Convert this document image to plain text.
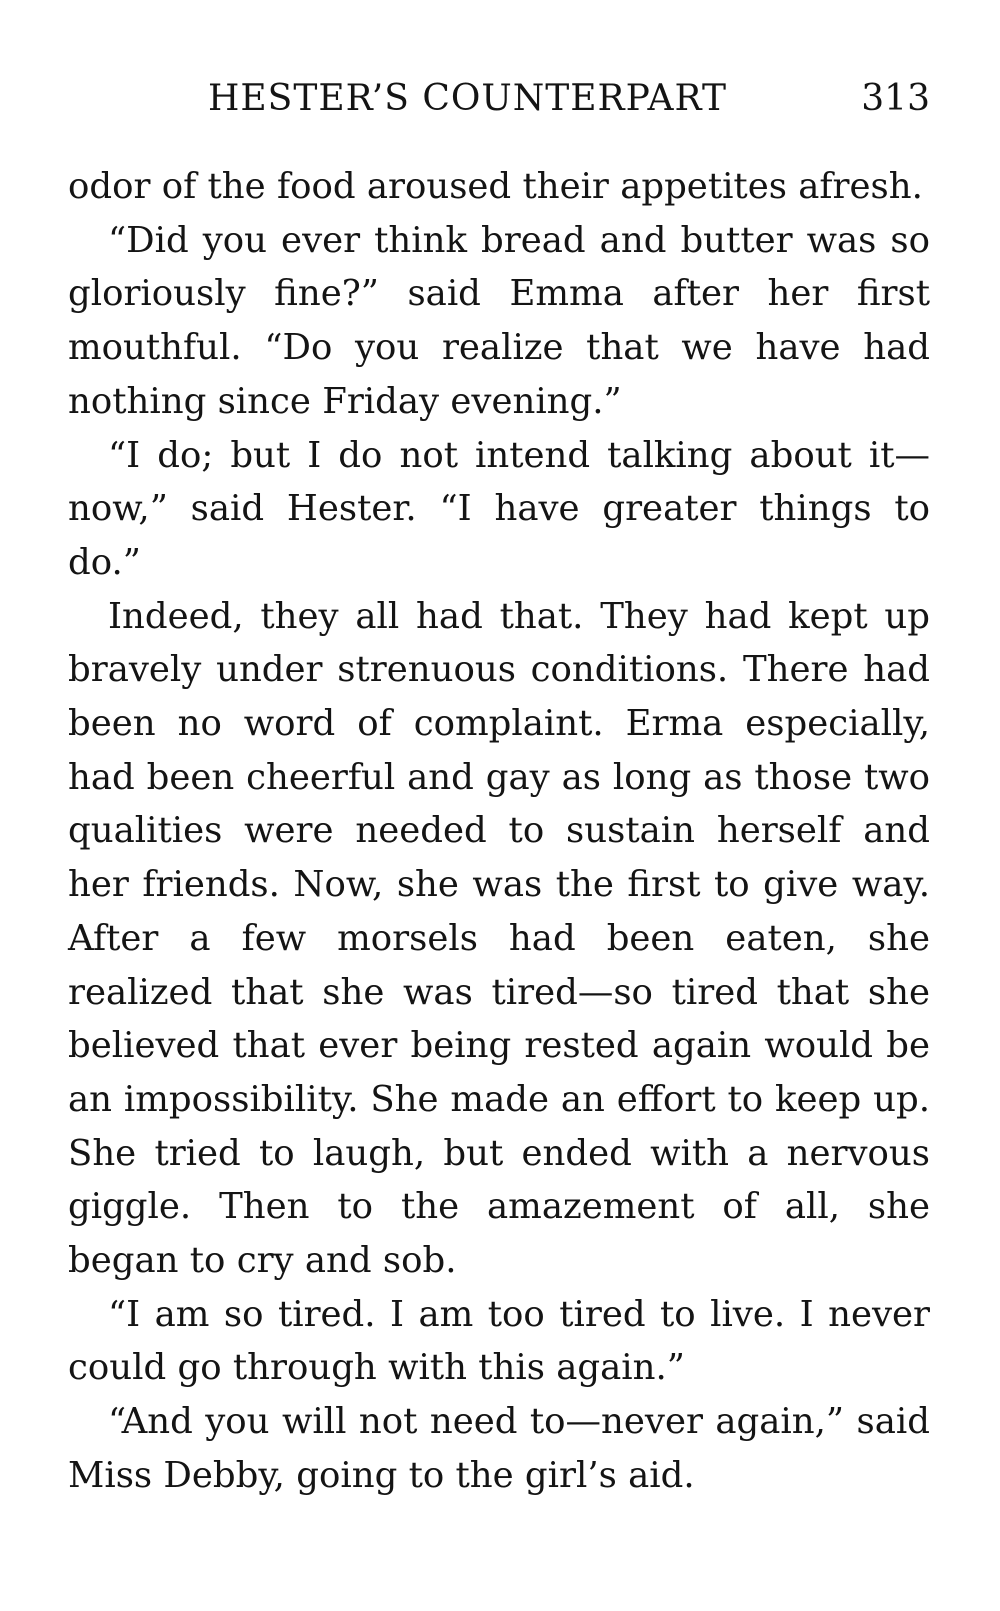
HESTER’S COUNTERPART	313

odor of the food aroused their appetites afresh.

“Did you ever think bread and butter was so gloriously fine?” said Emma after her first mouthful. “Do you realize that we have had nothing since Friday evening.”

“I do; but I do not intend talking about it—now,” said Hester. “I have greater things to do.”

Indeed, they all had that. They had kept up bravely under strenuous conditions. There had been no word of complaint. Erma especially, had been cheerful and gay as long as those two qualities were needed to sustain herself and her friends. Now, she was the first to give way. After a few morsels had been eaten, she realized that she was tired—so tired that she believed that ever being rested again would be an impossibility. She made an effort to keep up. She tried to laugh, but ended with a nervous giggle. Then to the amazement of all, she began to cry and sob.

“I am so tired. I am too tired to live. I never could go through with this again.”

“And you will not need to—never again,” said Miss Debby, going to the girl’s aid.
